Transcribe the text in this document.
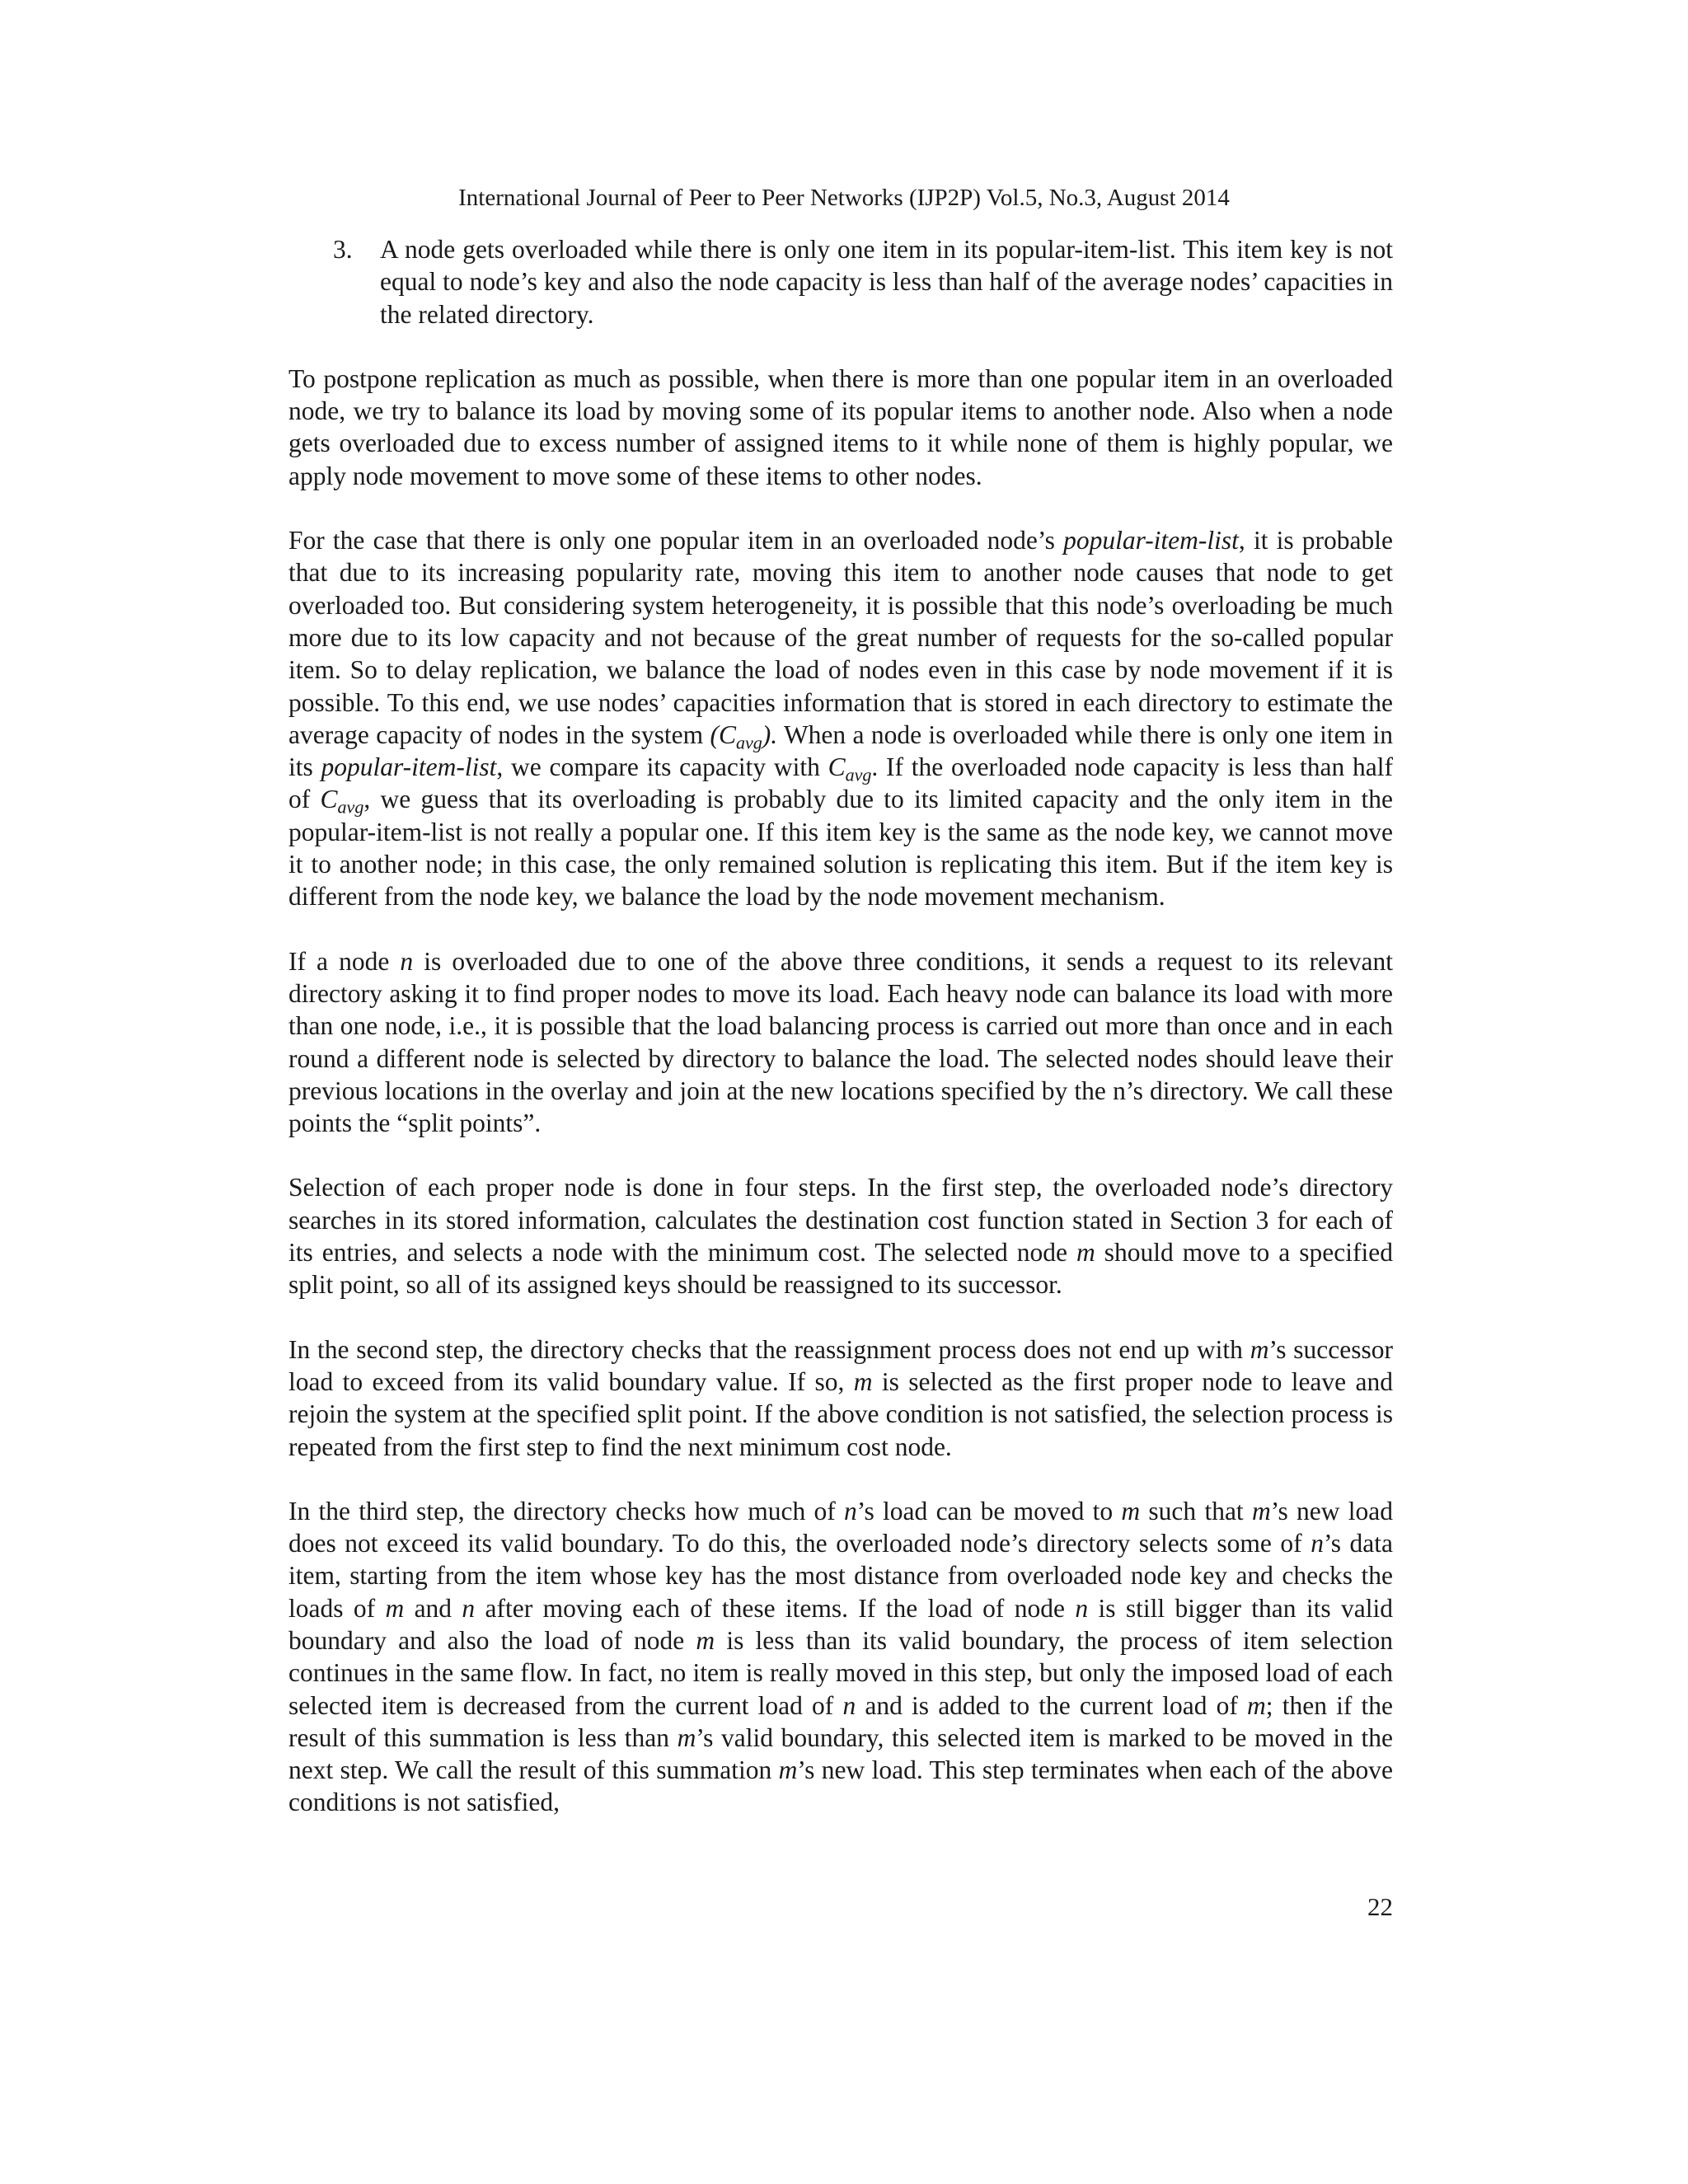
International Journal of Peer to Peer Networks (IJP2P) Vol.5, No.3, August 2014
3.	A node gets overloaded while there is only one item in its popular-item-list. This item key is not equal to node’s key and also the node capacity is less than half of the average nodes’ capacities in the related directory.

To postpone replication as much as possible, when there is more than one popular item in an overloaded node, we try to balance its load by moving some of its popular items to another node. Also when a node gets overloaded due to excess number of assigned items to it while none of them is highly popular, we apply node movement to move some of these items to other nodes.

For the case that there is only one popular item in an overloaded node’s popular-item-list, it is probable that due to its increasing popularity rate, moving this item to another node causes that node to get overloaded too. But considering system heterogeneity, it is possible that this node’s overloading be much more due to its low capacity and not because of the great number of requests for the so-called popular item. So to delay replication, we balance the load of nodes even in this case by node movement if it is possible. To this end, we use nodes’ capacities information that is stored in each directory to estimate the average capacity of nodes in the system $(C_{avg})$. When a node is overloaded while there is only one item in its popular-item-list, we compare its capacity with $C_{avg}$. If the overloaded node capacity is less than half of $C_{avg}$, we guess that its overloading is probably due to its limited capacity and the only item in the popular-item-list is not really a popular one. If this item key is the same as the node key, we cannot move it to another node; in this case, the only remained solution is replicating this item. But if the item key is different from the node key, we balance the load by the node movement mechanism.

If a node n is overloaded due to one of the above three conditions, it sends a request to its relevant directory asking it to find proper nodes to move its load. Each heavy node can balance its load with more than one node, i.e., it is possible that the load balancing process is carried out more than once and in each round a different node is selected by directory to balance the load. The selected nodes should leave their previous locations in the overlay and join at the new locations specified by the n’s directory. We call these points the “split points”.

Selection of each proper node is done in four steps. In the first step, the overloaded node’s directory searches in its stored information, calculates the destination cost function stated in Section 3 for each of its entries, and selects a node with the minimum cost. The selected node m should move to a specified split point, so all of its assigned keys should be reassigned to its successor.

In the second step, the directory checks that the reassignment process does not end up with m’s successor load to exceed from its valid boundary value. If so, m is selected as the first proper node to leave and rejoin the system at the specified split point. If the above condition is not satisfied, the selection process is repeated from the first step to find the next minimum cost node.

In the third step, the directory checks how much of n’s load can be moved to m such that m’s new load does not exceed its valid boundary. To do this, the overloaded node’s directory selects some of n’s data item, starting from the item whose key has the most distance from overloaded node key and checks the loads of m and n after moving each of these items. If the load of node n is still bigger than its valid boundary and also the load of node m is less than its valid boundary, the process of item selection continues in the same flow. In fact, no item is really moved in this step, but only the imposed load of each selected item is decreased from the current load of n and is added to the current load of m; then if the result of this summation is less than m’s valid boundary, this selected item is marked to be moved in the next step. We call the result of this summation m’s new load. This step terminates when each of the above conditions is not satisfied,

22
